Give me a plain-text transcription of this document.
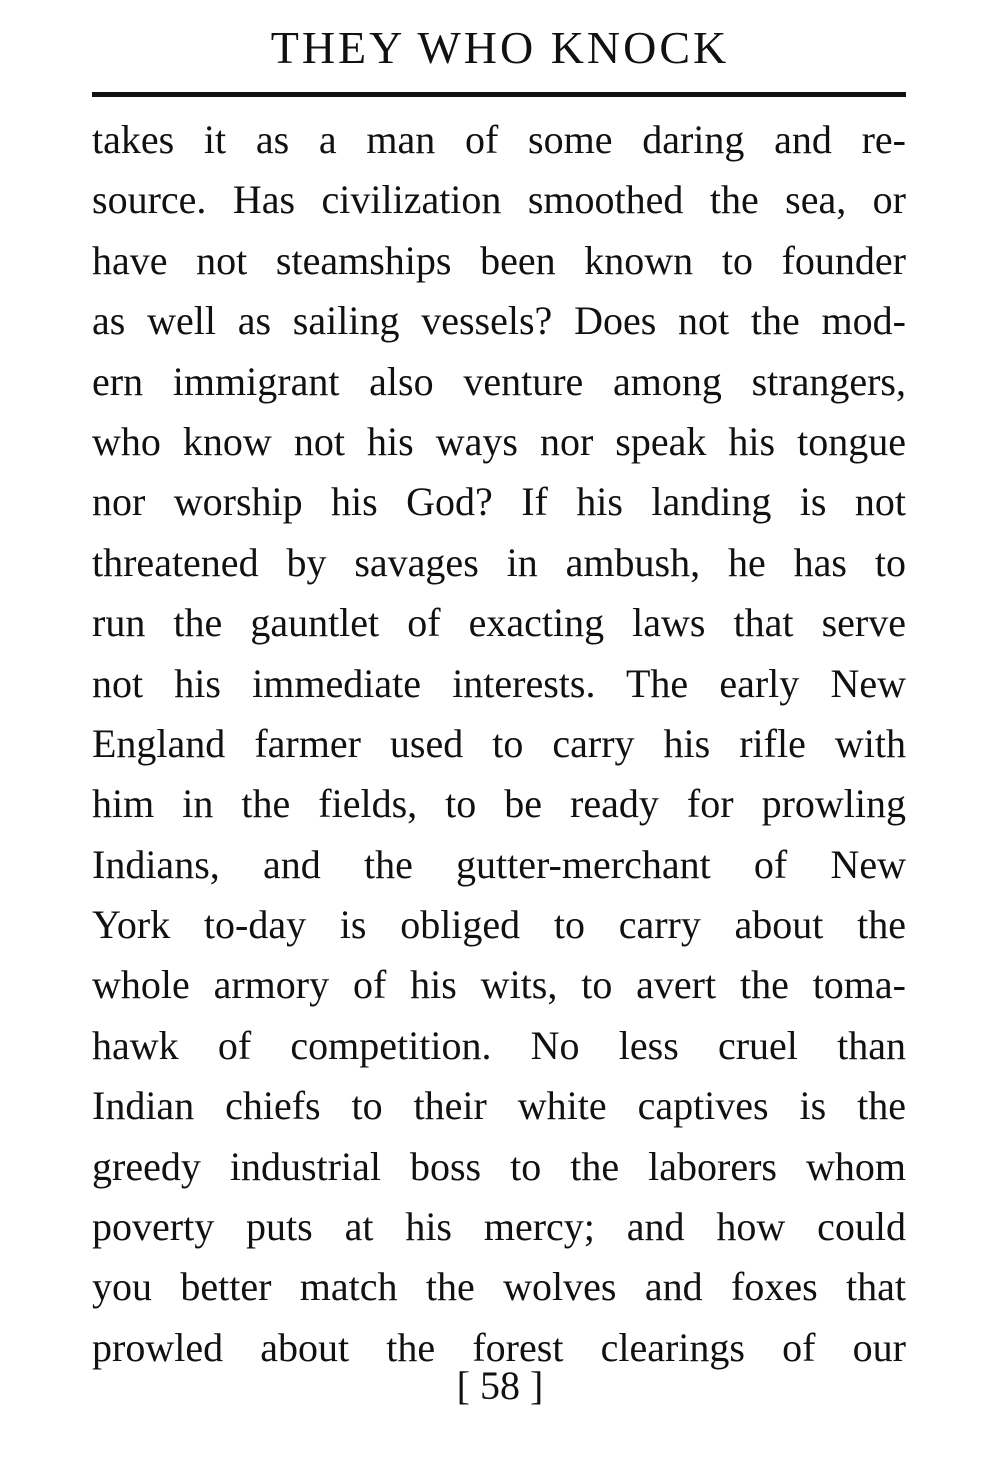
THEY WHO KNOCK
takes it as a man of some daring and re-
source. Has civilization smoothed the sea, or
have not steamships been known to founder
as well as sailing vessels? Does not the mod-
ern immigrant also venture among strangers,
who know not his ways nor speak his tongue
nor worship his God? If his landing is not
threatened by savages in ambush, he has to
run the gauntlet of exacting laws that serve
not his immediate interests. The early New
England farmer used to carry his rifle with
him in the fields, to be ready for prowling
Indians, and the gutter-merchant of New
York to-day is obliged to carry about the
whole armory of his wits, to avert the toma-
hawk of competition. No less cruel than
Indian chiefs to their white captives is the
greedy industrial boss to the laborers whom
poverty puts at his mercy; and how could
you better match the wolves and foxes that
prowled about the forest clearings of our
[ 58 ]
